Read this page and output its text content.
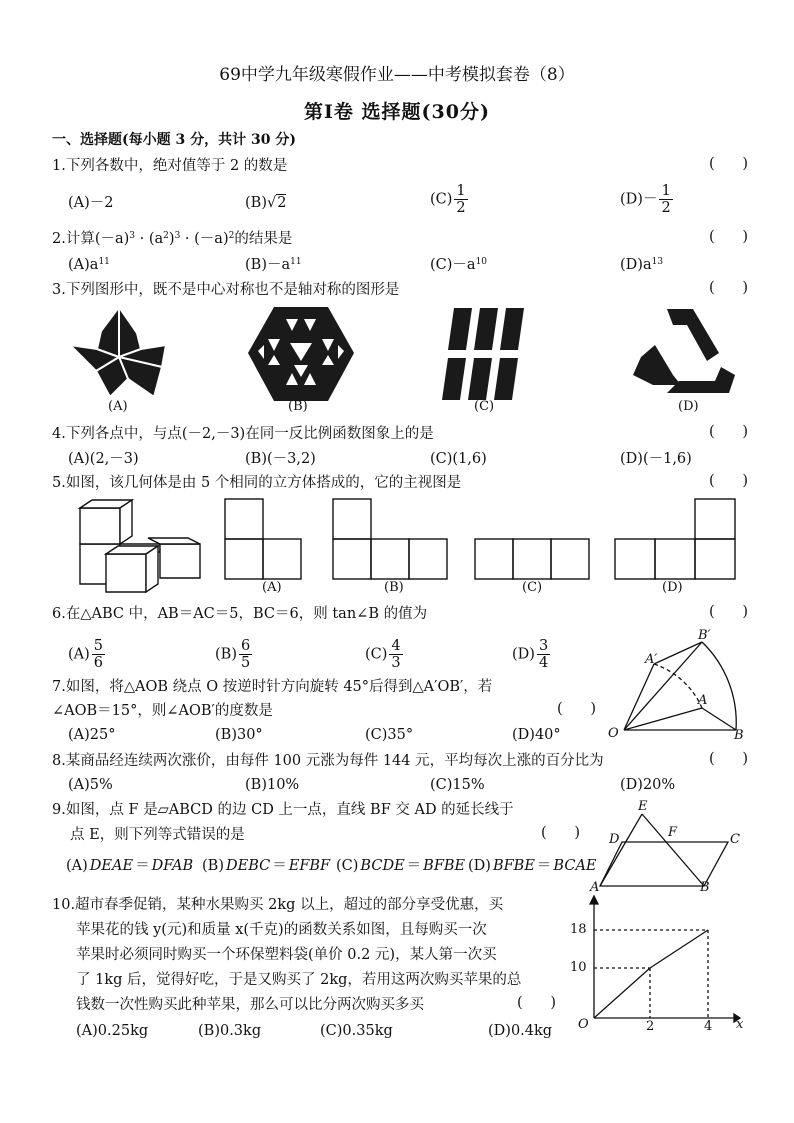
69中学九年级寒假作业——中考模拟套卷（8）
第Ⅰ卷 选择题(30分)
一、选择题(每小题 3 分，共计 30 分)
1.下列各数中，绝对值等于 2 的数是	(      )
(A)－2	(B)√2	$(C) \frac{1}{2}$	$(D)- \frac{1}{2}$
2.计算$(-a)^3 \cdot (a^2)^3 \cdot (-a)^2$的结果是	(      )
$(A)a^{11}$	$(B)-a^{11}$	$(C)-a^{10}$	$(D)a^{13}$
3.下列图形中，既不是中心对称也不是轴对称的图形是	(      )
(A)	(B)	(C)	(D)
4.下列各点中，与点(－2,－3)在同一反比例函数图象上的是	(      )
(A)(2,－3)	(B)(－3,2)	(C)(1,6)	(D)(－1,6)
5.如图，该几何体是由 5 个相同的立方体搭成的，它的主视图是	(      )
(A)	(B)	(C)	(D)
6.在△ABC 中，AB＝AC＝5，BC＝6，则 tan∠B 的值为	(      )
$(A) \frac{5}{6}$	$(B) \frac{6}{5}$	$(C) \frac{4}{3}$	$(D) \frac{3}{4}$
7.如图，将△AOB 绕点 O 按逆时针方向旋转 45°后得到△A′OB′，若
∠AOB＝15°，则∠AOB′的度数是	(      )
(A)25°	(B)30°	(C)35°	(D)40°
A′
B′
A
O	B
8.某商品经连续两次涨价，由每件 100 元涨为每件 144 元，平均每次上涨的百分比为	(      )
(A)5%	(B)10%	(C)15%	(D)20%
9.如图，点 F 是▱ABCD 的边 CD 上一点，直线 BF 交 AD 的延长线于
点 E，则下列等式错误的是	(      )
(A) DEAE ＝ DFAB (B) DEBC ＝ EFBF (C) BCDE ＝ BFBE (D) BFBE ＝ BCAE
E
D	F	C
A	B
10.超市春季促销，某种水果购买 2kg 以上，超过的部分享受优惠，买
苹果花的钱 y(元)和质量 x(千克)的函数关系如图，且每购买一次
苹果时必须同时购买一个环保塑料袋(单价 0.2 元)，某人第一次买
了 1kg 后，觉得好吃，于是又购买了 2kg，若用这两次购买苹果的总
钱数一次性购买此种苹果，那么可以比分两次购买多买	(      )
(A)0.25kg	(B)0.3kg	(C)0.35kg	(D)0.4kg
18
10
2	4
O	x
